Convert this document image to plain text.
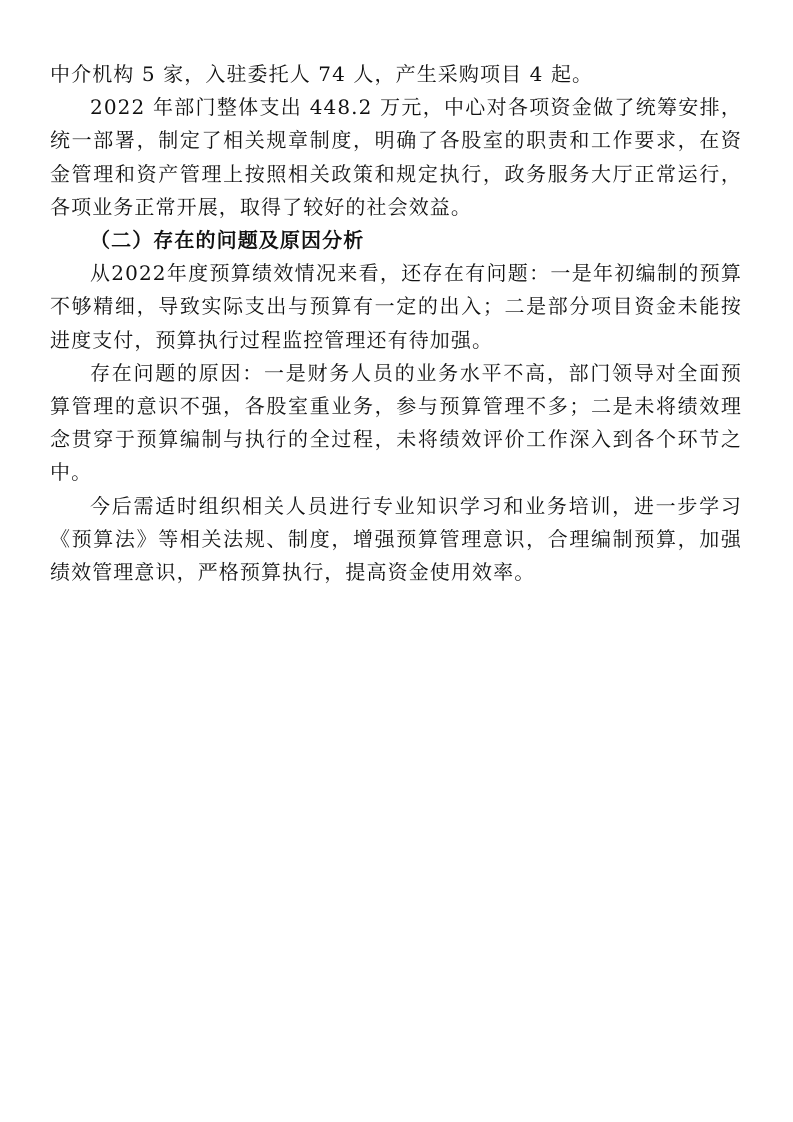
中介机构 5 家，入驻委托人 74 人，产生采购项目 4 起。

2022 年部门整体支出 448.2 万元，中心对各项资金做了统筹安排，统一部署，制定了相关规章制度，明确了各股室的职责和工作要求，在资金管理和资产管理上按照相关政策和规定执行，政务服务大厅正常运行，各项业务正常开展，取得了较好的社会效益。

（二）存在的问题及原因分析

从2022年度预算绩效情况来看，还存在有问题：一是年初编制的预算不够精细，导致实际支出与预算有一定的出入；二是部分项目资金未能按进度支付，预算执行过程监控管理还有待加强。

存在问题的原因：一是财务人员的业务水平不高，部门领导对全面预算管理的意识不强，各股室重业务，参与预算管理不多；二是未将绩效理念贯穿于预算编制与执行的全过程，未将绩效评价工作深入到各个环节之中。

今后需适时组织相关人员进行专业知识学习和业务培训，进一步学习《预算法》等相关法规、制度，增强预算管理意识，合理编制预算，加强绩效管理意识，严格预算执行，提高资金使用效率。
